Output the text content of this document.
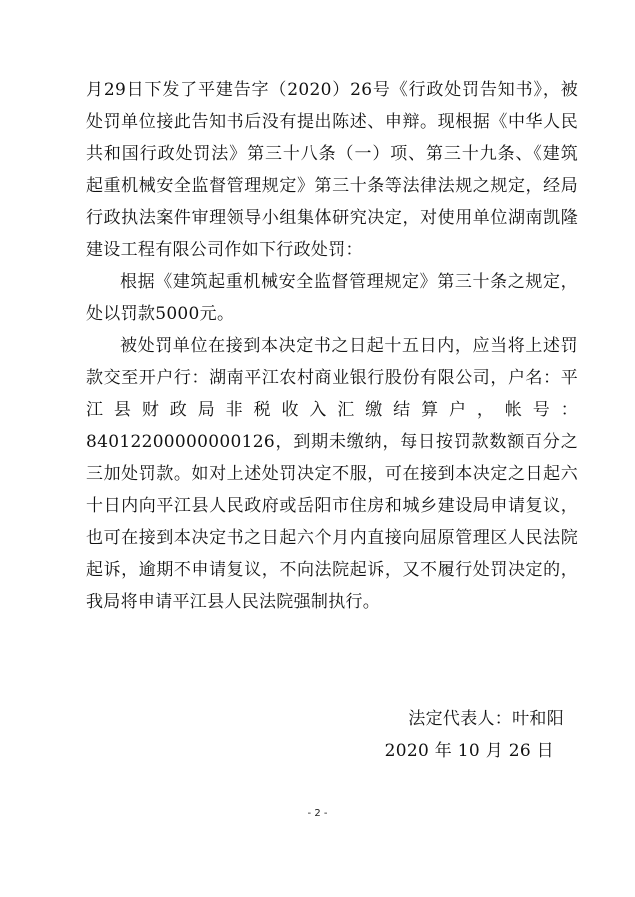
月29日下发了平建告字（2020）26号《行政处罚告知书》，被处罚单位接此告知书后没有提出陈述、申辩。现根据《中华人民共和国行政处罚法》第三十八条（一）项、第三十九条、《建筑起重机械安全监督管理规定》第三十条等法律法规之规定，经局行政执法案件审理领导小组集体研究决定，对使用单位湖南凯隆建设工程有限公司作如下行政处罚：

根据《建筑起重机械安全监督管理规定》第三十条之规定，处以罚款5000元。

被处罚单位在接到本决定书之日起十五日内，应当将上述罚款交至开户行：湖南平江农村商业银行股份有限公司，户名：平江县财政局非税收入汇缴结算户，帐号：84012200000000126，到期未缴纳，每日按罚款数额百分之三加处罚款。如对上述处罚决定不服，可在接到本决定之日起六十日内向平江县人民政府或岳阳市住房和城乡建设局申请复议，也可在接到本决定书之日起六个月内直接向屈原管理区人民法院起诉，逾期不申请复议，不向法院起诉，又不履行处罚决定的，我局将申请平江县人民法院强制执行。

法定代表人：叶和阳
2020 年 10 月 26 日
- 2 -
